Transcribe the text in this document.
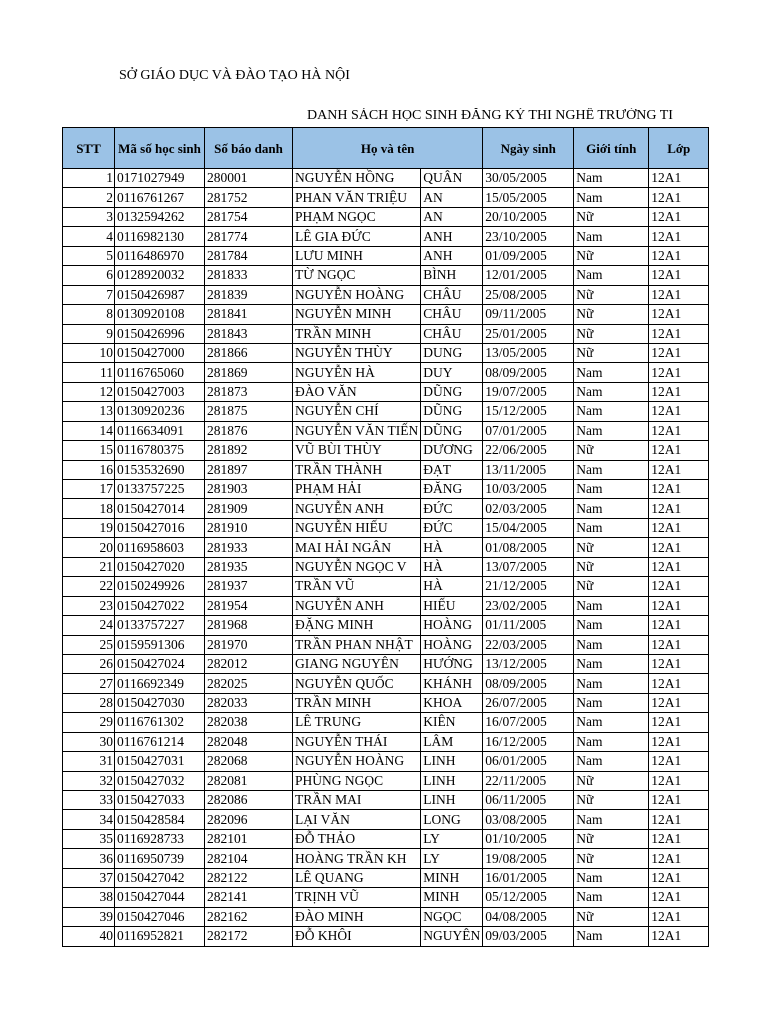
SỞ GIÁO DỤC VÀ ĐÀO TẠO HÀ NỘI
DANH SÁCH HỌC SINH ĐĂNG KÝ THI NGHỀ TRƯỜNG TI
STT	Mã số học sinh	Số báo danh	Họ và tên		Ngày sinh	Giới tính	Lớp
1	0171027949	280001	NGUYỄN HỒNG	QUÂN	30/05/2005	Nam	12A1
2	0116761267	281752	PHAN VĂN TRIỆU	AN	15/05/2005	Nam	12A1
3	0132594262	281754	PHẠM NGỌC	AN	20/10/2005	Nữ	12A1
4	0116982130	281774	LÊ GIA ĐỨC	ANH	23/10/2005	Nam	12A1
5	0116486970	281784	LƯU MINH	ANH	01/09/2005	Nữ	12A1
6	0128920032	281833	TỪ NGỌC	BÌNH	12/01/2005	Nam	12A1
7	0150426987	281839	NGUYỄN HOÀNG	CHÂU	25/08/2005	Nữ	12A1
8	0130920108	281841	NGUYỄN MINH	CHÂU	09/11/2005	Nữ	12A1
9	0150426996	281843	TRẦN MINH	CHÂU	25/01/2005	Nữ	12A1
10	0150427000	281866	NGUYỄN THÙY	DUNG	13/05/2005	Nữ	12A1
11	0116765060	281869	NGUYỄN HÀ	DUY	08/09/2005	Nam	12A1
12	0150427003	281873	ĐÀO VĂN	DŨNG	19/07/2005	Nam	12A1
13	0130920236	281875	NGUYỄN CHÍ	DŨNG	15/12/2005	Nam	12A1
14	0116634091	281876	NGUYỄN VĂN TIẾN	DŨNG	07/01/2005	Nam	12A1
15	0116780375	281892	VŨ BÙI THÙY	DƯƠNG	22/06/2005	Nữ	12A1
16	0153532690	281897	TRẦN THÀNH	ĐẠT	13/11/2005	Nam	12A1
17	0133757225	281903	PHẠM HẢI	ĐĂNG	10/03/2005	Nam	12A1
18	0150427014	281909	NGUYỄN ANH	ĐỨC	02/03/2005	Nam	12A1
19	0150427016	281910	NGUYỄN HIẾU	ĐỨC	15/04/2005	Nam	12A1
20	0116958603	281933	MAI HẢI NGÂN	HÀ	01/08/2005	Nữ	12A1
21	0150427020	281935	NGUYỄN NGỌC V	HÀ	13/07/2005	Nữ	12A1
22	0150249926	281937	TRẦN VŨ	HÀ	21/12/2005	Nữ	12A1
23	0150427022	281954	NGUYỄN ANH	HIẾU	23/02/2005	Nam	12A1
24	0133757227	281968	ĐẶNG MINH	HOÀNG	01/11/2005	Nam	12A1
25	0159591306	281970	TRẦN PHAN NHẬT	HOÀNG	22/03/2005	Nam	12A1
26	0150427024	282012	GIANG NGUYÊN	HƯỚNG	13/12/2005	Nam	12A1
27	0116692349	282025	NGUYỄN QUỐC	KHÁNH	08/09/2005	Nam	12A1
28	0150427030	282033	TRẦN MINH	KHOA	26/07/2005	Nam	12A1
29	0116761302	282038	LÊ TRUNG	KIÊN	16/07/2005	Nam	12A1
30	0116761214	282048	NGUYỄN THÁI	LÂM	16/12/2005	Nam	12A1
31	0150427031	282068	NGUYỄN HOÀNG	LINH	06/01/2005	Nam	12A1
32	0150427032	282081	PHÙNG NGỌC	LINH	22/11/2005	Nữ	12A1
33	0150427033	282086	TRẦN MAI	LINH	06/11/2005	Nữ	12A1
34	0150428584	282096	LẠI VĂN	LONG	03/08/2005	Nam	12A1
35	0116928733	282101	ĐỖ THẢO	LY	01/10/2005	Nữ	12A1
36	0116950739	282104	HOÀNG TRẦN KH	LY	19/08/2005	Nữ	12A1
37	0150427042	282122	LÊ QUANG	MINH	16/01/2005	Nam	12A1
38	0150427044	282141	TRỊNH VŨ	MINH	05/12/2005	Nam	12A1
39	0150427046	282162	ĐÀO MINH	NGỌC	04/08/2005	Nữ	12A1
40	0116952821	282172	ĐỖ KHÔI	NGUYÊN	09/03/2005	Nam	12A1
